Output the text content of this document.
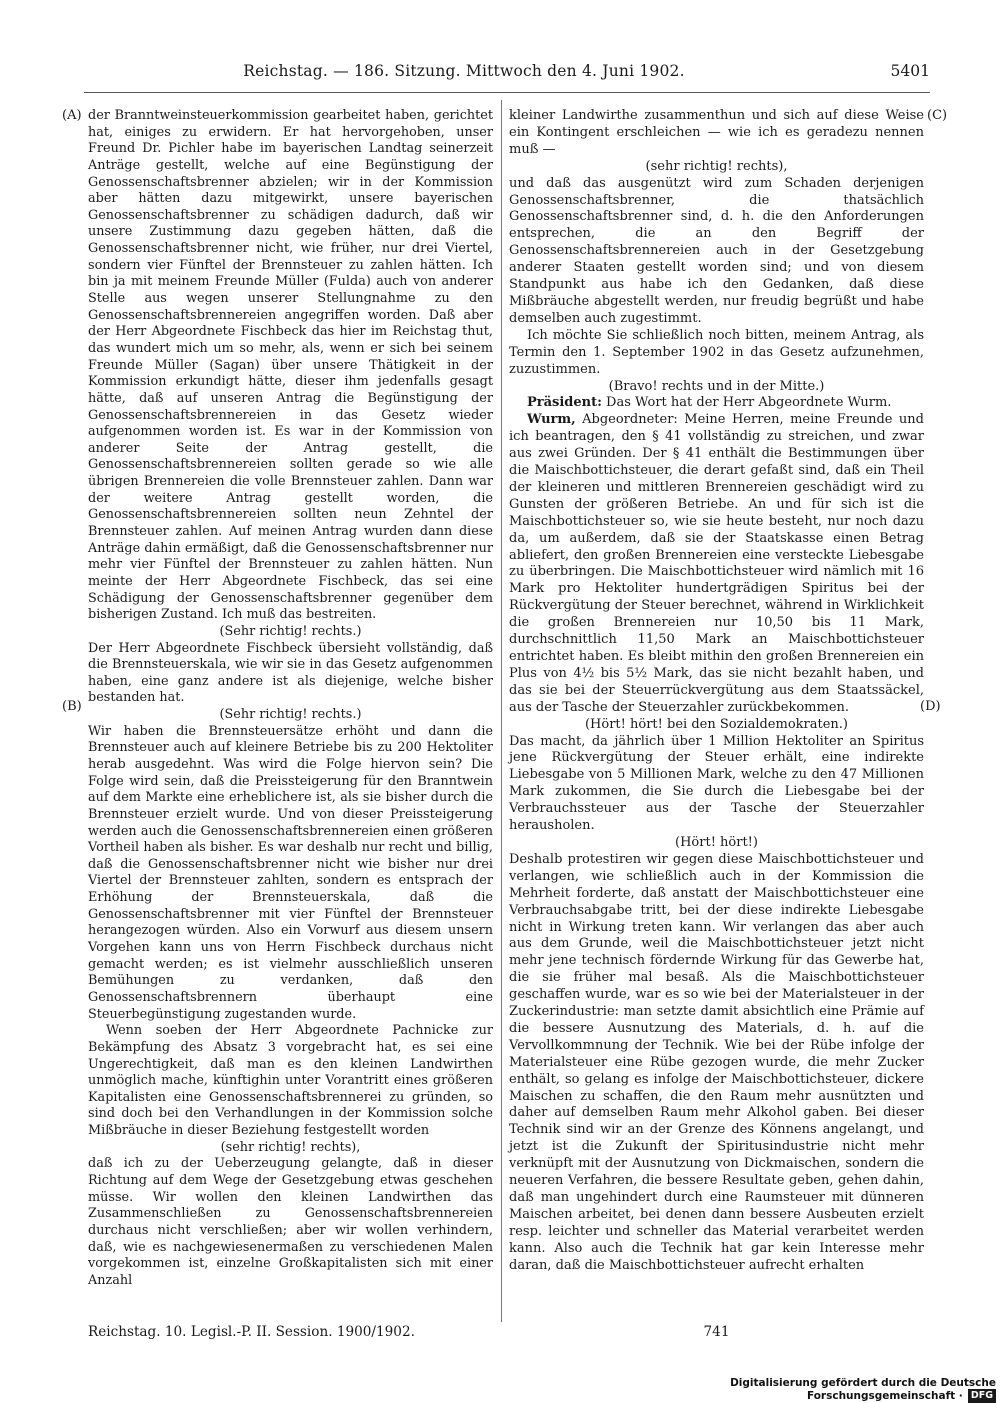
Reichstag. — 186. Sitzung. Mittwoch den 4. Juni 1902.	5401
(A)
(B)
(C)
(D)

der Branntweinsteuerkommission gearbeitet haben, gerichtet hat, einiges zu erwidern. Er hat hervorgehoben, unser Freund Dr. Pichler habe im bayerischen Landtag seinerzeit Anträge gestellt, welche auf eine Begünstigung der Genossenschaftsbrenner abzielen; wir in der Kommission aber hätten dazu mitgewirkt, unsere bayerischen Genossenschaftsbrenner zu schädigen dadurch, daß wir unsere Zustimmung dazu gegeben hätten, daß die Genossenschaftsbrenner nicht, wie früher, nur drei Viertel, sondern vier Fünftel der Brennsteuer zu zahlen hätten. Ich bin ja mit meinem Freunde Müller (Fulda) auch von anderer Stelle aus wegen unserer Stellungnahme zu den Genossenschaftsbrennereien angegriffen worden. Daß aber der Herr Abgeordnete Fischbeck das hier im Reichstag thut, das wundert mich um so mehr, als, wenn er sich bei seinem Freunde Müller (Sagan) über unsere Thätigkeit in der Kommission erkundigt hätte, dieser ihm jedenfalls gesagt hätte, daß auf unseren Antrag die Begünstigung der Genossenschaftsbrennereien in das Gesetz wieder aufgenommen worden ist. Es war in der Kommission von anderer Seite der Antrag gestellt, die Genossenschaftsbrennereien sollten gerade so wie alle übrigen Brennereien die volle Brennsteuer zahlen. Dann war der weitere Antrag gestellt worden, die Genossenschaftsbrennereien sollten neun Zehntel der Brennsteuer zahlen. Auf meinen Antrag wurden dann diese Anträge dahin ermäßigt, daß die Genossenschaftsbrenner nur mehr vier Fünftel der Brennsteuer zu zahlen hätten. Nun meinte der Herr Abgeordnete Fischbeck, das sei eine Schädigung der Genossenschaftsbrenner gegenüber dem bisherigen Zustand. Ich muß das bestreiten.

(Sehr richtig! rechts.)

Der Herr Abgeordnete Fischbeck übersieht vollständig, daß die Brennsteuerskala, wie wir sie in das Gesetz aufgenommen haben, eine ganz andere ist als diejenige, welche bisher bestanden hat.

(Sehr richtig! rechts.)

Wir haben die Brennsteuersätze erhöht und dann die Brennsteuer auch auf kleinere Betriebe bis zu 200 Hektoliter herab ausgedehnt. Was wird die Folge hiervon sein? Die Folge wird sein, daß die Preissteigerung für den Branntwein auf dem Markte eine erheblichere ist, als sie bisher durch die Brennsteuer erzielt wurde. Und von dieser Preissteigerung werden auch die Genossenschaftsbrennereien einen größeren Vortheil haben als bisher. Es war deshalb nur recht und billig, daß die Genossenschaftsbrenner nicht wie bisher nur drei Viertel der Brennsteuer zahlten, sondern es entsprach der Erhöhung der Brennsteuerskala, daß die Genossenschaftsbrenner mit vier Fünftel der Brennsteuer herangezogen würden. Also ein Vorwurf aus diesem unsern Vorgehen kann uns von Herrn Fischbeck durchaus nicht gemacht werden; es ist vielmehr ausschließlich unseren Bemühungen zu verdanken, daß den Genossenschaftsbrennern überhaupt eine Steuerbegünstigung zugestanden wurde.

Wenn soeben der Herr Abgeordnete Pachnicke zur Bekämpfung des Absatz 3 vorgebracht hat, es sei eine Ungerechtigkeit, daß man es den kleinen Landwirthen unmöglich mache, künftighin unter Vorantritt eines größeren Kapitalisten eine Genossenschaftsbrennerei zu gründen, so sind doch bei den Verhandlungen in der Kommission solche Mißbräuche in dieser Beziehung festgestellt worden

(sehr richtig! rechts),

daß ich zu der Ueberzeugung gelangte, daß in dieser Richtung auf dem Wege der Gesetzgebung etwas geschehen müsse. Wir wollen den kleinen Landwirthen das Zusammenschließen zu Genossenschaftsbrennereien durchaus nicht verschließen; aber wir wollen verhindern, daß, wie es nachgewiesenermaßen zu verschiedenen Malen vorgekommen ist, einzelne Großkapitalisten sich mit einer Anzahl

kleiner Landwirthe zusammenthun und sich auf diese Weise ein Kontingent erschleichen — wie ich es geradezu nennen muß —

(sehr richtig! rechts),

und daß das ausgenützt wird zum Schaden derjenigen Genossenschaftsbrenner, die thatsächlich Genossenschaftsbrenner sind, d. h. die den Anforderungen entsprechen, die an den Begriff der Genossenschaftsbrennereien auch in der Gesetzgebung anderer Staaten gestellt worden sind; und von diesem Standpunkt aus habe ich den Gedanken, daß diese Mißbräuche abgestellt werden, nur freudig begrüßt und habe demselben auch zugestimmt.

Ich möchte Sie schließlich noch bitten, meinem Antrag, als Termin den 1. September 1902 in das Gesetz aufzunehmen, zuzustimmen.

(Bravo! rechts und in der Mitte.)

Präsident: Das Wort hat der Herr Abgeordnete Wurm.

Wurm, Abgeordneter: Meine Herren, meine Freunde und ich beantragen, den § 41 vollständig zu streichen, und zwar aus zwei Gründen. Der § 41 enthält die Bestimmungen über die Maischbottichsteuer, die derart gefaßt sind, daß ein Theil der kleineren und mittleren Brennereien geschädigt wird zu Gunsten der größeren Betriebe. An und für sich ist die Maischbottichsteuer so, wie sie heute besteht, nur noch dazu da, um außerdem, daß sie der Staatskasse einen Betrag abliefert, den großen Brennereien eine versteckte Liebesgabe zu überbringen. Die Maischbottichsteuer wird nämlich mit 16 Mark pro Hektoliter hundertgrädigen Spiritus bei der Rückvergütung der Steuer berechnet, während in Wirklichkeit die großen Brennereien nur 10,50 bis 11 Mark, durchschnittlich 11,50 Mark an Maischbottichsteuer entrichtet haben. Es bleibt mithin den großen Brennereien ein Plus von 4½ bis 5½ Mark, das sie nicht bezahlt haben, und das sie bei der Steuerrückvergütung aus dem Staatssäckel, aus der Tasche der Steuerzahler zurückbekommen.

(Hört! hört! bei den Sozialdemokraten.)

Das macht, da jährlich über 1 Million Hektoliter an Spiritus jene Rückvergütung der Steuer erhält, eine indirekte Liebesgabe von 5 Millionen Mark, welche zu den 47 Millionen Mark zukommen, die Sie durch die Liebesgabe bei der Verbrauchssteuer aus der Tasche der Steuerzahler herausholen.

(Hört! hört!)

Deshalb protestiren wir gegen diese Maischbottichsteuer und verlangen, wie schließlich auch in der Kommission die Mehrheit forderte, daß anstatt der Maischbottichsteuer eine Verbrauchsabgabe tritt, bei der diese indirekte Liebesgabe nicht in Wirkung treten kann. Wir verlangen das aber auch aus dem Grunde, weil die Maischbottichsteuer jetzt nicht mehr jene technisch fördernde Wirkung für das Gewerbe hat, die sie früher mal besaß. Als die Maischbottichsteuer geschaffen wurde, war es so wie bei der Materialsteuer in der Zuckerindustrie: man setzte damit absichtlich eine Prämie auf die bessere Ausnutzung des Materials, d. h. auf die Vervollkommnung der Technik. Wie bei der Rübe infolge der Materialsteuer eine Rübe gezogen wurde, die mehr Zucker enthält, so gelang es infolge der Maischbottichsteuer, dickere Maischen zu schaffen, die den Raum mehr ausnützten und daher auf demselben Raum mehr Alkohol gaben. Bei dieser Technik sind wir an der Grenze des Könnens angelangt, und jetzt ist die Zukunft der Spiritusindustrie nicht mehr verknüpft mit der Ausnutzung von Dickmaischen, sondern die neueren Verfahren, die bessere Resultate geben, gehen dahin, daß man ungehindert durch eine Raumsteuer mit dünneren Maischen arbeitet, bei denen dann bessere Ausbeuten erzielt resp. leichter und schneller das Material verarbeitet werden kann. Also auch die Technik hat gar kein Interesse mehr daran, daß die Maischbottichsteuer aufrecht erhalten

Reichstag. 10. Legisl.-P. II. Session. 1900/1902.	741
Digitalisierung gefördert durch die Deutsche Forschungsgemeinschaft · DFG
